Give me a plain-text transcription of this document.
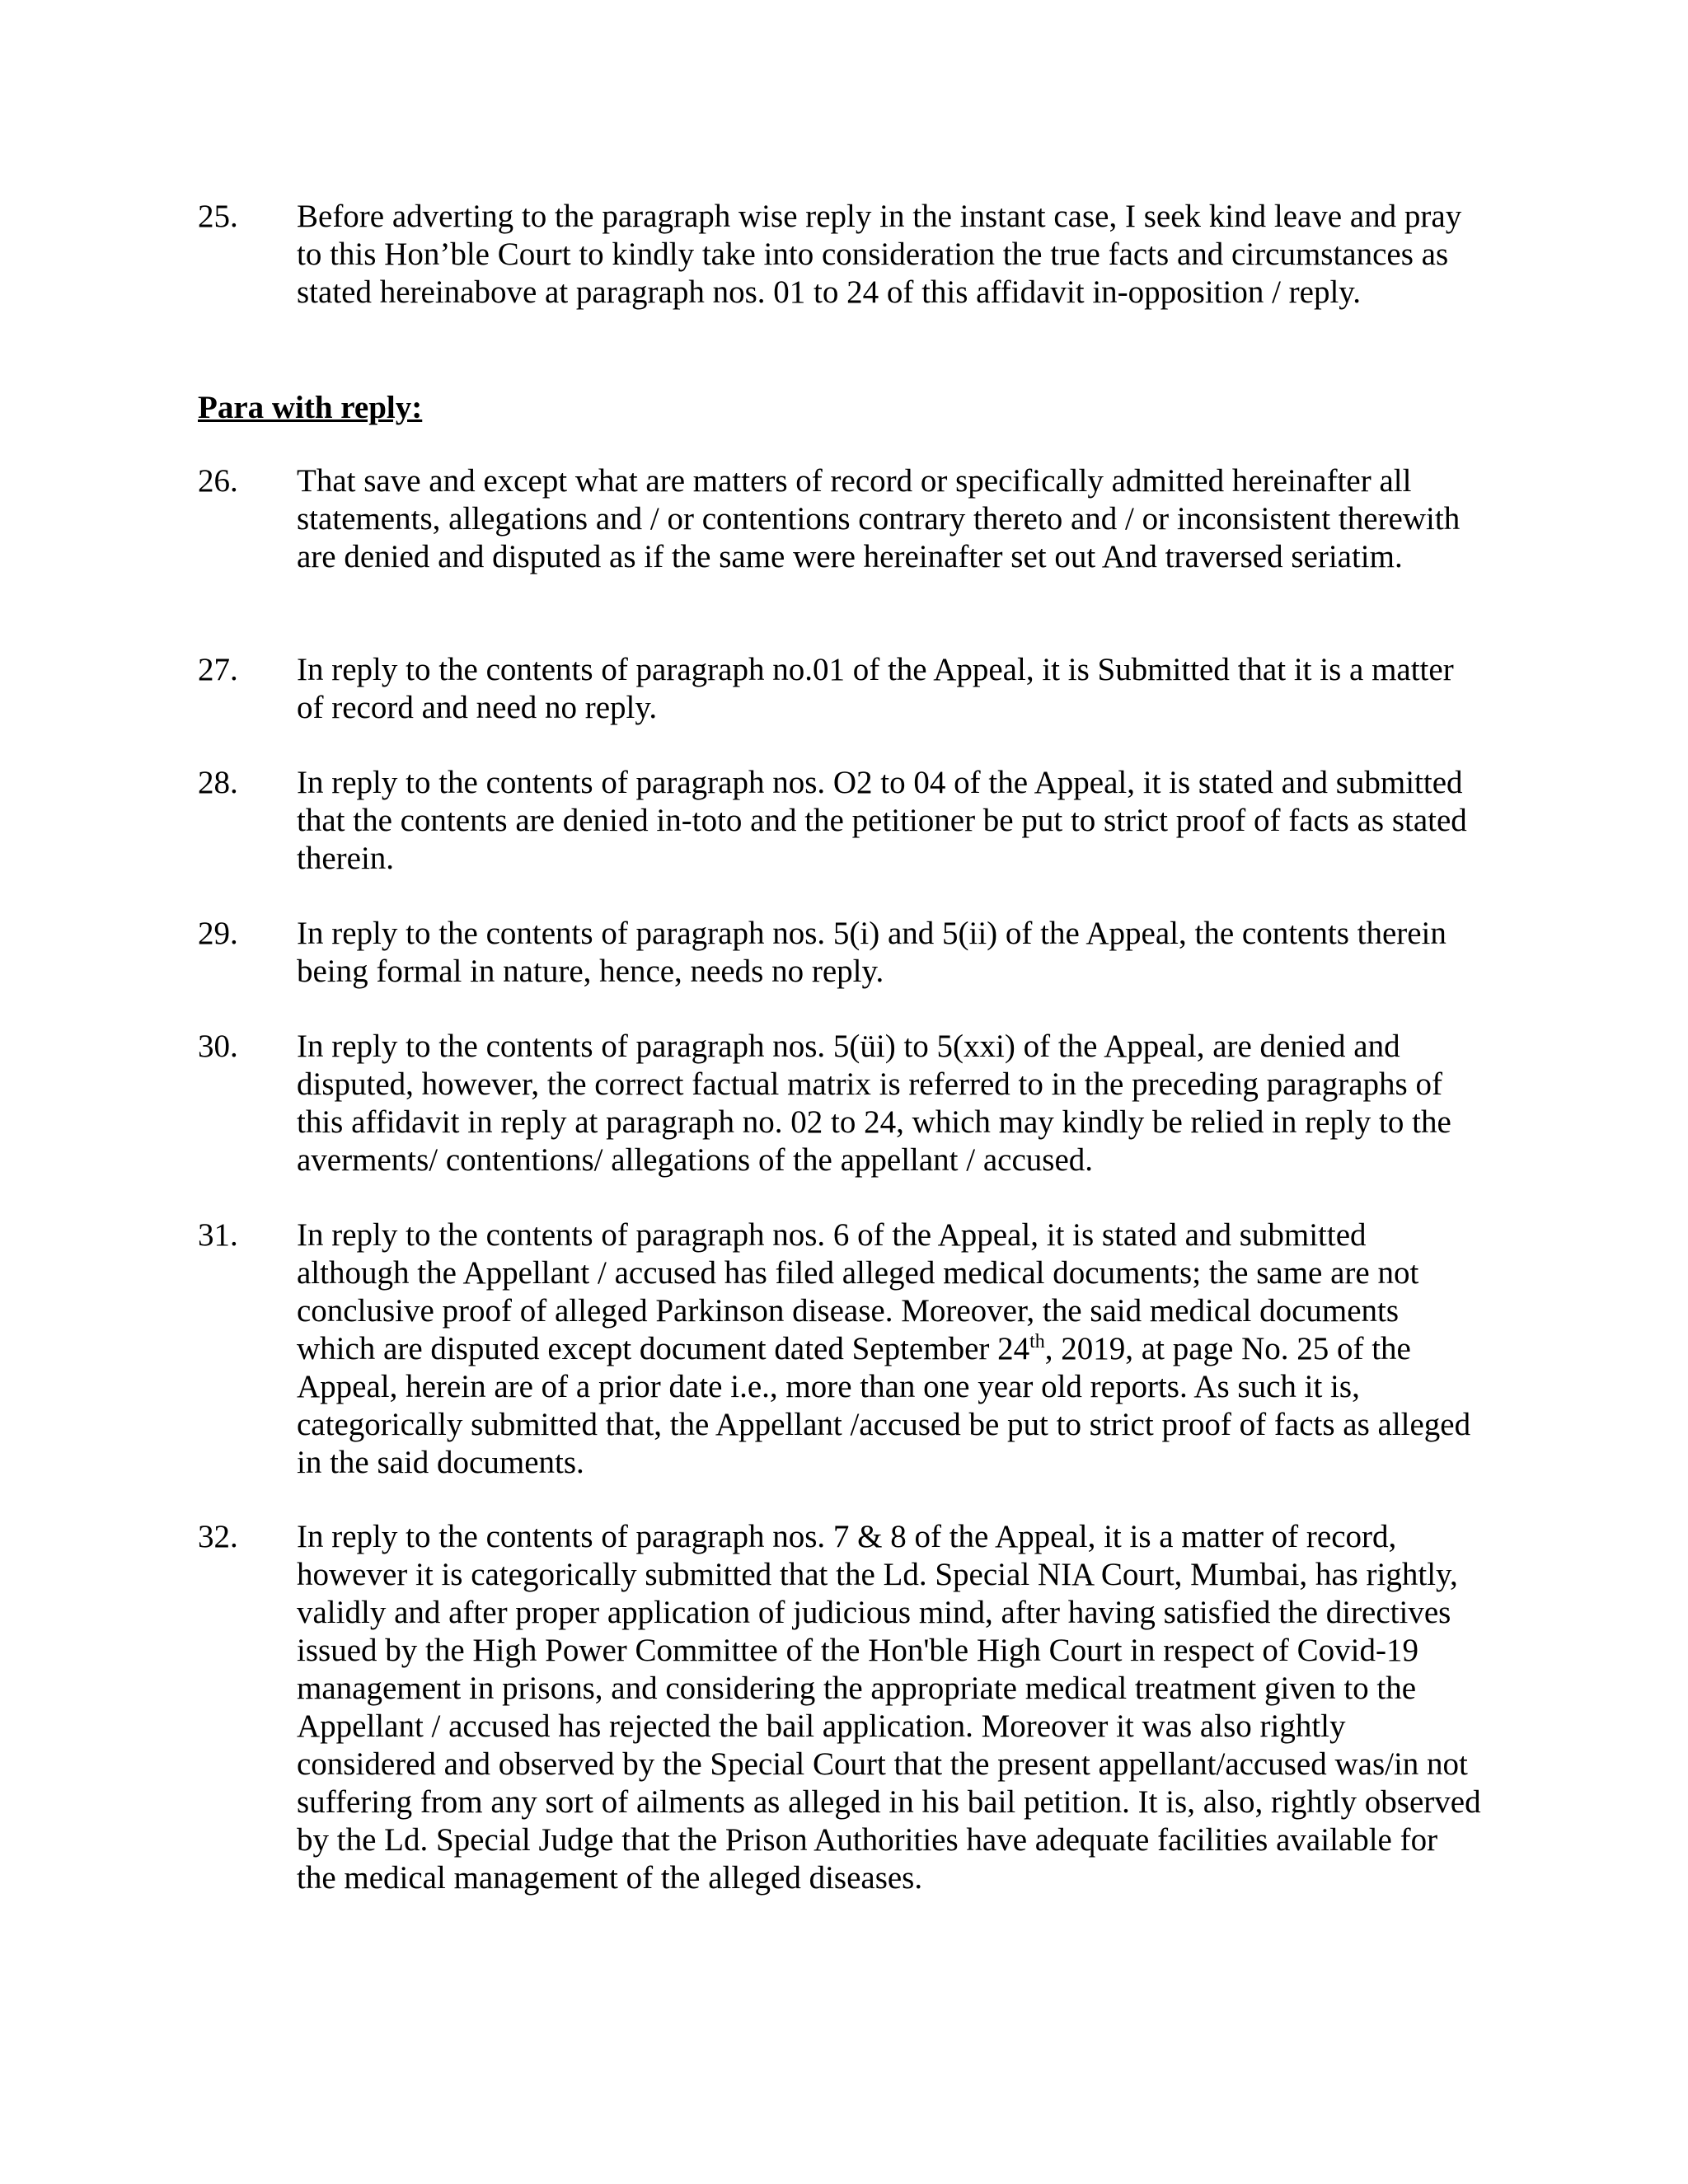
25.	Before adverting to the paragraph wise reply in the instant case, I seek kind leave and pray to this Hon’ble Court to kindly take into consideration the true facts and circumstances as stated hereinabove at paragraph nos. 01 to 24 of this affidavit in-opposition / reply.
Para with reply:
26.	That save and except what are matters of record or specifically admitted hereinafter all statements, allegations and / or contentions contrary thereto and / or inconsistent therewith are denied and disputed as if the same were hereinafter set out And traversed seriatim.
27.	In reply to the contents of paragraph no.01 of the Appeal, it is Submitted that it is a matter of record and need no reply.
28.	In reply to the contents of paragraph nos. O2 to 04 of the Appeal, it is stated and submitted that the contents are denied in-toto and the petitioner be put to strict proof of facts as stated therein.
29.	In reply to the contents of paragraph nos. 5(i) and 5(ii) of the Appeal, the contents therein being formal in nature, hence, needs no reply.
30.	In reply to the contents of paragraph nos. 5(üi) to 5(xxi) of the Appeal, are denied and disputed, however, the correct factual matrix is referred to in the preceding paragraphs of this affidavit in reply at paragraph no. 02 to 24, which may kindly be relied in reply to the averments/ contentions/ allegations of the appellant / accused.
31.	In reply to the contents of paragraph nos. 6 of the Appeal, it is stated and submitted although the Appellant / accused has filed alleged medical documents; the same are not conclusive proof of alleged Parkinson disease. Moreover, the said medical documents which are disputed except document dated September 24th, 2019, at page No. 25 of the Appeal, herein are of a prior date i.e., more than one year old reports. As such it is, categorically submitted that, the Appellant /accused be put to strict proof of facts as alleged in the said documents.
32.	In reply to the contents of paragraph nos. 7 & 8 of the Appeal, it is a matter of record, however it is categorically submitted that the Ld. Special NIA Court, Mumbai, has rightly, validly and after proper application of judicious mind, after having satisfied the directives issued by the High Power Committee of the Hon'ble High Court in respect of Covid-19 management in prisons, and considering the appropriate medical treatment given to the Appellant / accused has rejected the bail application. Moreover it was also rightly considered and observed by the Special Court that the present appellant/accused was/in not suffering from any sort of ailments as alleged in his bail petition. It is, also, rightly observed by the Ld. Special Judge that the Prison Authorities have adequate facilities available for the medical management of the alleged diseases.
